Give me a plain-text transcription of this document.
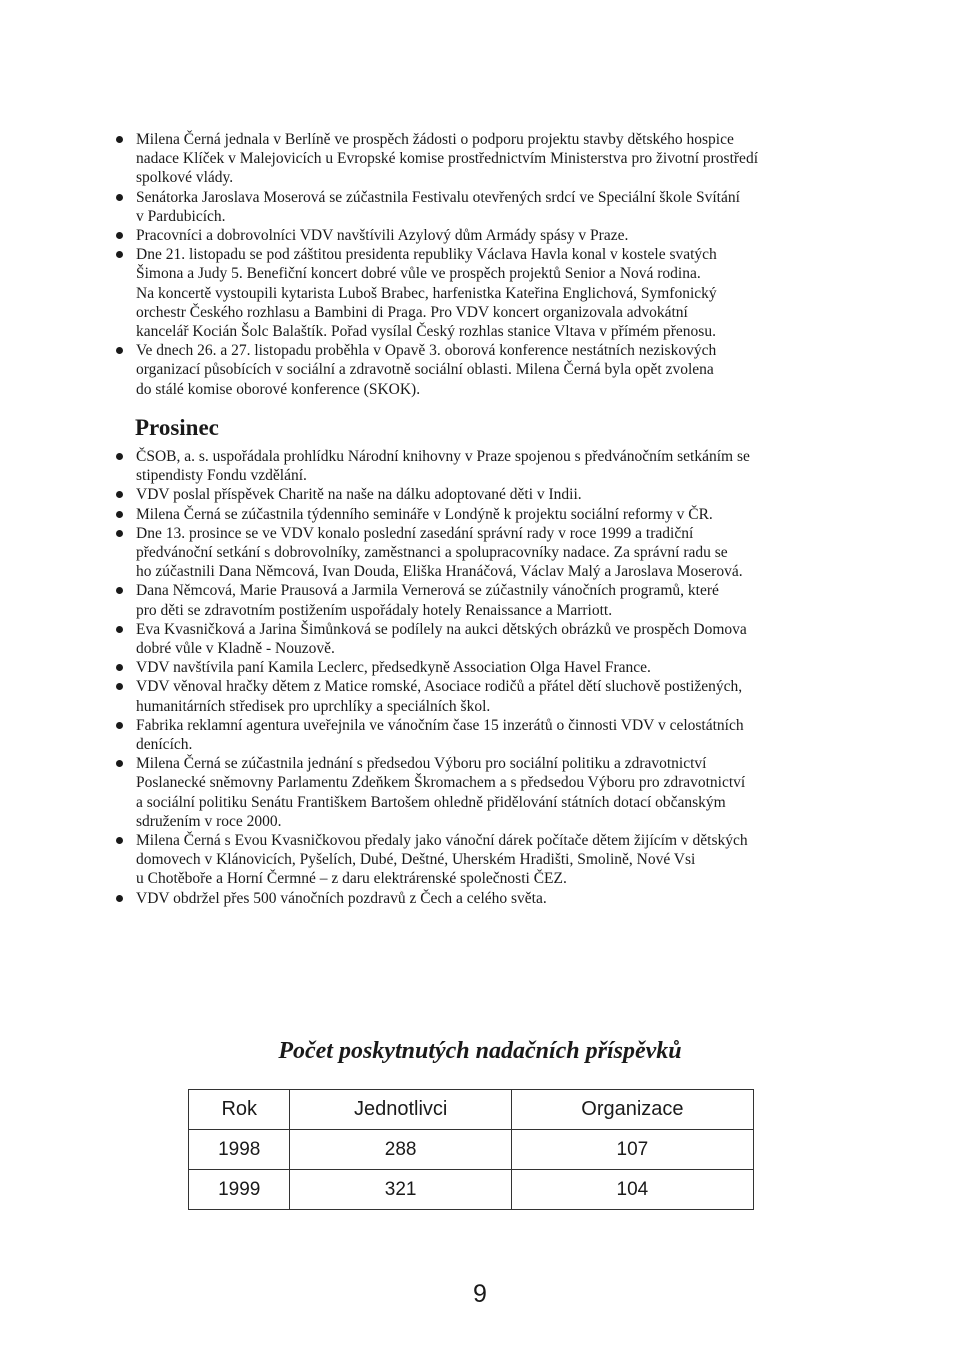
Milena Černá jednala v Berlíně ve prospěch žádosti o podporu projektu stavby dětského hospice
nadace Klíček v Malejovicích u Evropské komise prostřednictvím Ministerstva pro životní prostředí
spolkové vlády.
Senátorka Jaroslava Moserová se zúčastnila Festivalu otevřených srdcí ve Speciální škole Svítání
v Pardubicích.
Pracovníci a dobrovolníci VDV navštívili Azylový dům Armády spásy v Praze.
Dne 21. listopadu se pod záštitou presidenta republiky Václava Havla konal v kostele svatých
Šimona a Judy 5. Benefiční koncert dobré vůle ve prospěch projektů Senior a Nová rodina.
Na koncertě vystoupili kytarista Luboš Brabec, harfenistka Kateřina Englichová, Symfonický
orchestr Českého rozhlasu a Bambini di Praga. Pro VDV koncert organizovala advokátní
kancelář Kocián Šolc Balaštík. Pořad vysílal Český rozhlas stanice Vltava v přímém přenosu.
Ve dnech 26. a 27. listopadu proběhla v Opavě 3. oborová konference nestátních neziskových
organizací působících v sociální a zdravotně sociální oblasti. Milena Černá byla opět zvolena
do stálé komise oborové konference (SKOK).
Prosinec
ČSOB, a. s. uspořádala prohlídku Národní knihovny v Praze spojenou s předvánočním setkáním se
stipendisty Fondu vzdělání.
VDV poslal příspěvek Charitě na naše na dálku adoptované děti v Indii.
Milena Černá se zúčastnila týdenního semináře v Londýně k projektu sociální reformy v ČR.
Dne 13. prosince se ve VDV konalo poslední zasedání správní rady v roce 1999 a tradiční
předvánoční setkání s dobrovolníky, zaměstnanci a spolupracovníky nadace. Za správní radu se
ho zúčastnili Dana Němcová, Ivan Douda, Eliška Hranáčová, Václav Malý a Jaroslava Moserová.
Dana Němcová, Marie Prausová a Jarmila Vernerová se zúčastnily vánočních programů, které
pro děti se zdravotním postižením uspořádaly hotely Renaissance a Marriott.
Eva Kvasničková a Jarina Šimůnková se podílely na aukci dětských obrázků ve prospěch Domova
dobré vůle v Kladně - Nouzově.
VDV navštívila paní Kamila Leclerc, předsedkyně Association Olga Havel France.
VDV věnoval hračky dětem z Matice romské, Asociace rodičů a přátel dětí sluchově postižených,
humanitárních středisek pro uprchlíky a speciálních škol.
Fabrika reklamní agentura uveřejnila ve vánočním čase 15 inzerátů o činnosti VDV v celostátních
denících.
Milena Černá se zúčastnila jednání s předsedou Výboru pro sociální politiku a zdravotnictví
Poslanecké sněmovny Parlamentu Zdeňkem Škromachem a s předsedou Výboru pro zdravotnictví
a sociální politiku Senátu Františkem Bartošem ohledně přidělování státních dotací občanským
sdružením v roce 2000.
Milena Černá s Evou Kvasničkovou předaly jako vánoční dárek počítače dětem žijícím v dětských
domovech v Klánovicích, Pyšelích, Dubé, Deštné, Uherském Hradišti, Smolině, Nové Vsi
u Chotěboře a Horní Čermné – z daru elektrárenské společnosti ČEZ.
VDV obdržel přes 500 vánočních pozdravů z Čech a celého světa.
Počet poskytnutých nadačních příspěvků
Rok	Jednotlivci	Organizace
1998	288	107
1999	321	104
9
